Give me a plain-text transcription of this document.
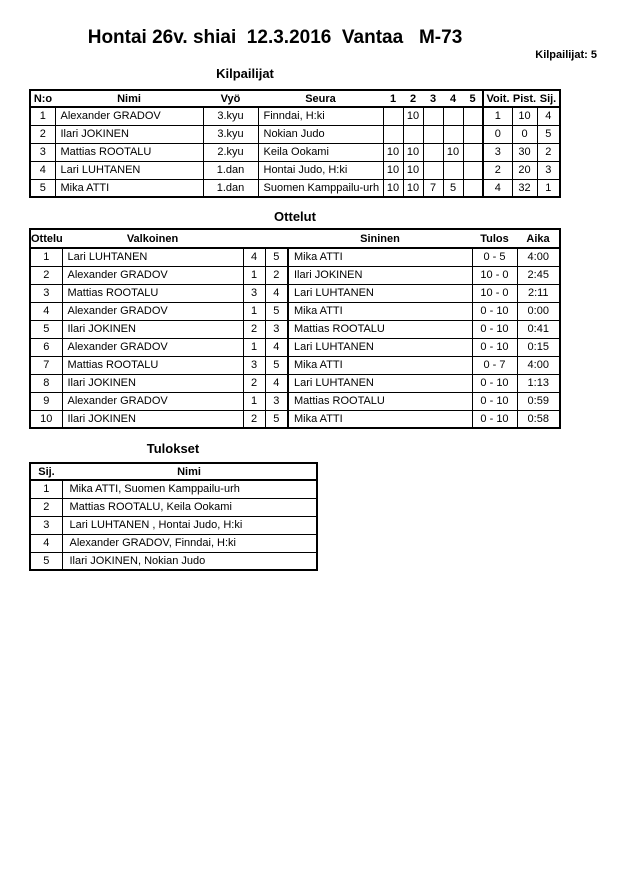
Hontai 26v. shiai  12.3.2016  Vantaa   M-73
Kilpailijat: 5
Kilpailijat
N:o	Nimi	Vyö	Seura	1	2	3	4	5	Voit.	Pist.	Sij.
1	Alexander GRADOV	3.kyu	Finndai, H:ki		10				1	10	4
2	Ilari JOKINEN	3.kyu	Nokian Judo						0	0	5
3	Mattias ROOTALU	2.kyu	Keila Ookami	10	10		10		3	30	2
4	Lari LUHTANEN	1.dan	Hontai Judo, H:ki	10	10				2	20	3
5	Mika ATTI	1.dan	Suomen Kamppailu-urh	10	10	7	5		4	32	1
Ottelut
Ottelu	Valkoinen			Sininen	Tulos	Aika
1	Lari LUHTANEN	4	5	Mika ATTI	0 - 5	4:00
2	Alexander GRADOV	1	2	Ilari JOKINEN	10 - 0	2:45
3	Mattias ROOTALU	3	4	Lari LUHTANEN	10 - 0	2:11
4	Alexander GRADOV	1	5	Mika ATTI	0 - 10	0:00
5	Ilari JOKINEN	2	3	Mattias ROOTALU	0 - 10	0:41
6	Alexander GRADOV	1	4	Lari LUHTANEN	0 - 10	0:15
7	Mattias ROOTALU	3	5	Mika ATTI	0 - 7	4:00
8	Ilari JOKINEN	2	4	Lari LUHTANEN	0 - 10	1:13
9	Alexander GRADOV	1	3	Mattias ROOTALU	0 - 10	0:59
10	Ilari JOKINEN	2	5	Mika ATTI	0 - 10	0:58
Tulokset
Sij.	Nimi
1	Mika ATTI, Suomen Kamppailu-urh
2	Mattias ROOTALU, Keila Ookami
3	Lari LUHTANEN , Hontai Judo, H:ki
4	Alexander GRADOV, Finndai, H:ki
5	Ilari JOKINEN, Nokian Judo
